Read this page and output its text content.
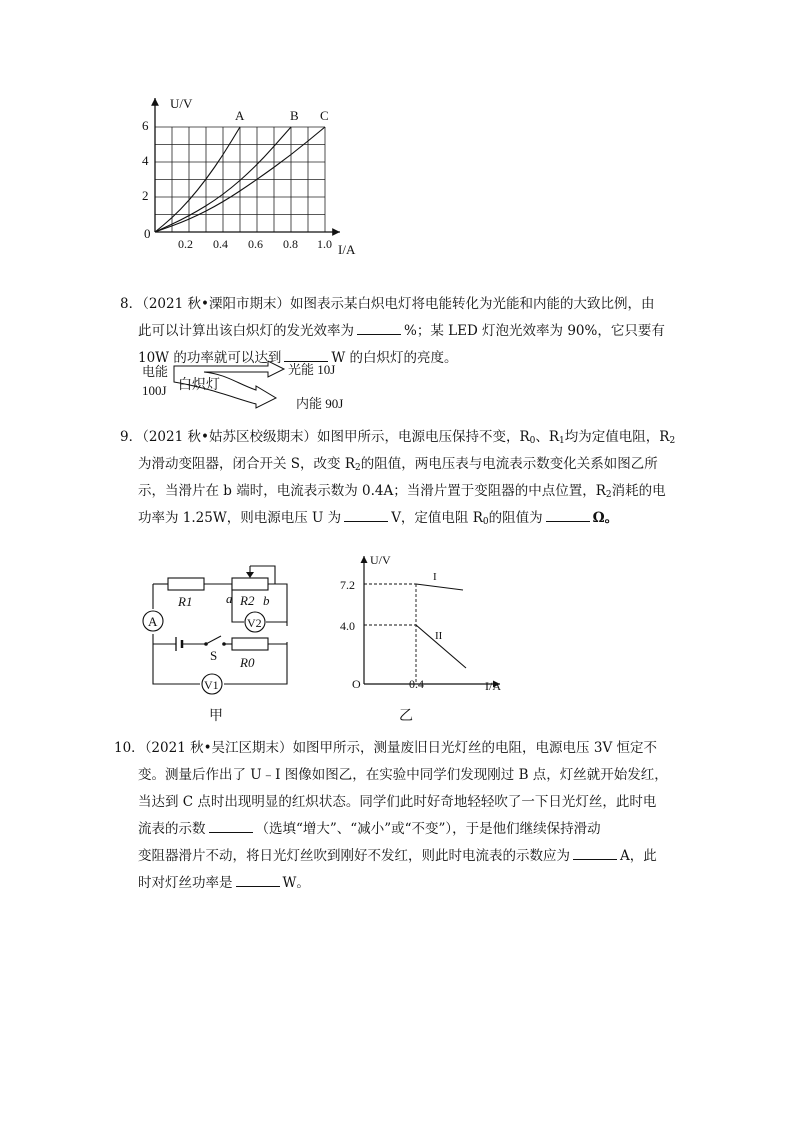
U/V
I/A
6
4
2
0
0.2 0.4 0.6 0.8 1.0
A	B C

8．（2021 秋•溧阳市期末）如图表示某白炽电灯将电能转化为光能和内能的大致比例，由

此可以计算出该白炽灯的发光效率为	%；某 LED 灯泡光效率为 90%，它只要有

10W 的功率就可以达到	W 的白炽灯的亮度。

电能
100J 白炽灯
光能 10J
内能 90J

9．（2021 秋•姑苏区校级期末）如图甲所示，电源电压保持不变，$R_0$、$R_1$均为定值电阻，$R_2$

为滑动变阻器，闭合开关 S，改变 $R_2$的阻值，两电压表与电流表示数变化关系如图乙所

示，当滑片在 b 端时，电流表示数为 0.4A；当滑片置于变阻器的中点位置，$R_2$消耗的电

功率为 1.25W，则电源电压 U 为	V，定值电阻 $R_0$的阻值为	Ω。

A	V2
V1
R1	a R2 b
S R0
甲
U/V
I/A
O
7.2
4.0
0.4
I
II
乙

10．（2021 秋•吴江区期末）如图甲所示，测量废旧日光灯丝的电阻，电源电压 3V 恒定不

变。测量后作出了 U﹣I 图像如图乙，在实验中同学们发现刚过 B 点，灯丝就开始发红，

当达到 C 点时出现明显的红炽状态。同学们此时好奇地轻轻吹了一下日光灯丝，此时电

流表的示数	（选填“增大”、“减小”或“不变”），于是他们继续保持滑动

变阻器滑片不动，将日光灯丝吹到刚好不发红，则此时电流表的示数应为	A，此

时对灯丝功率是	W。
